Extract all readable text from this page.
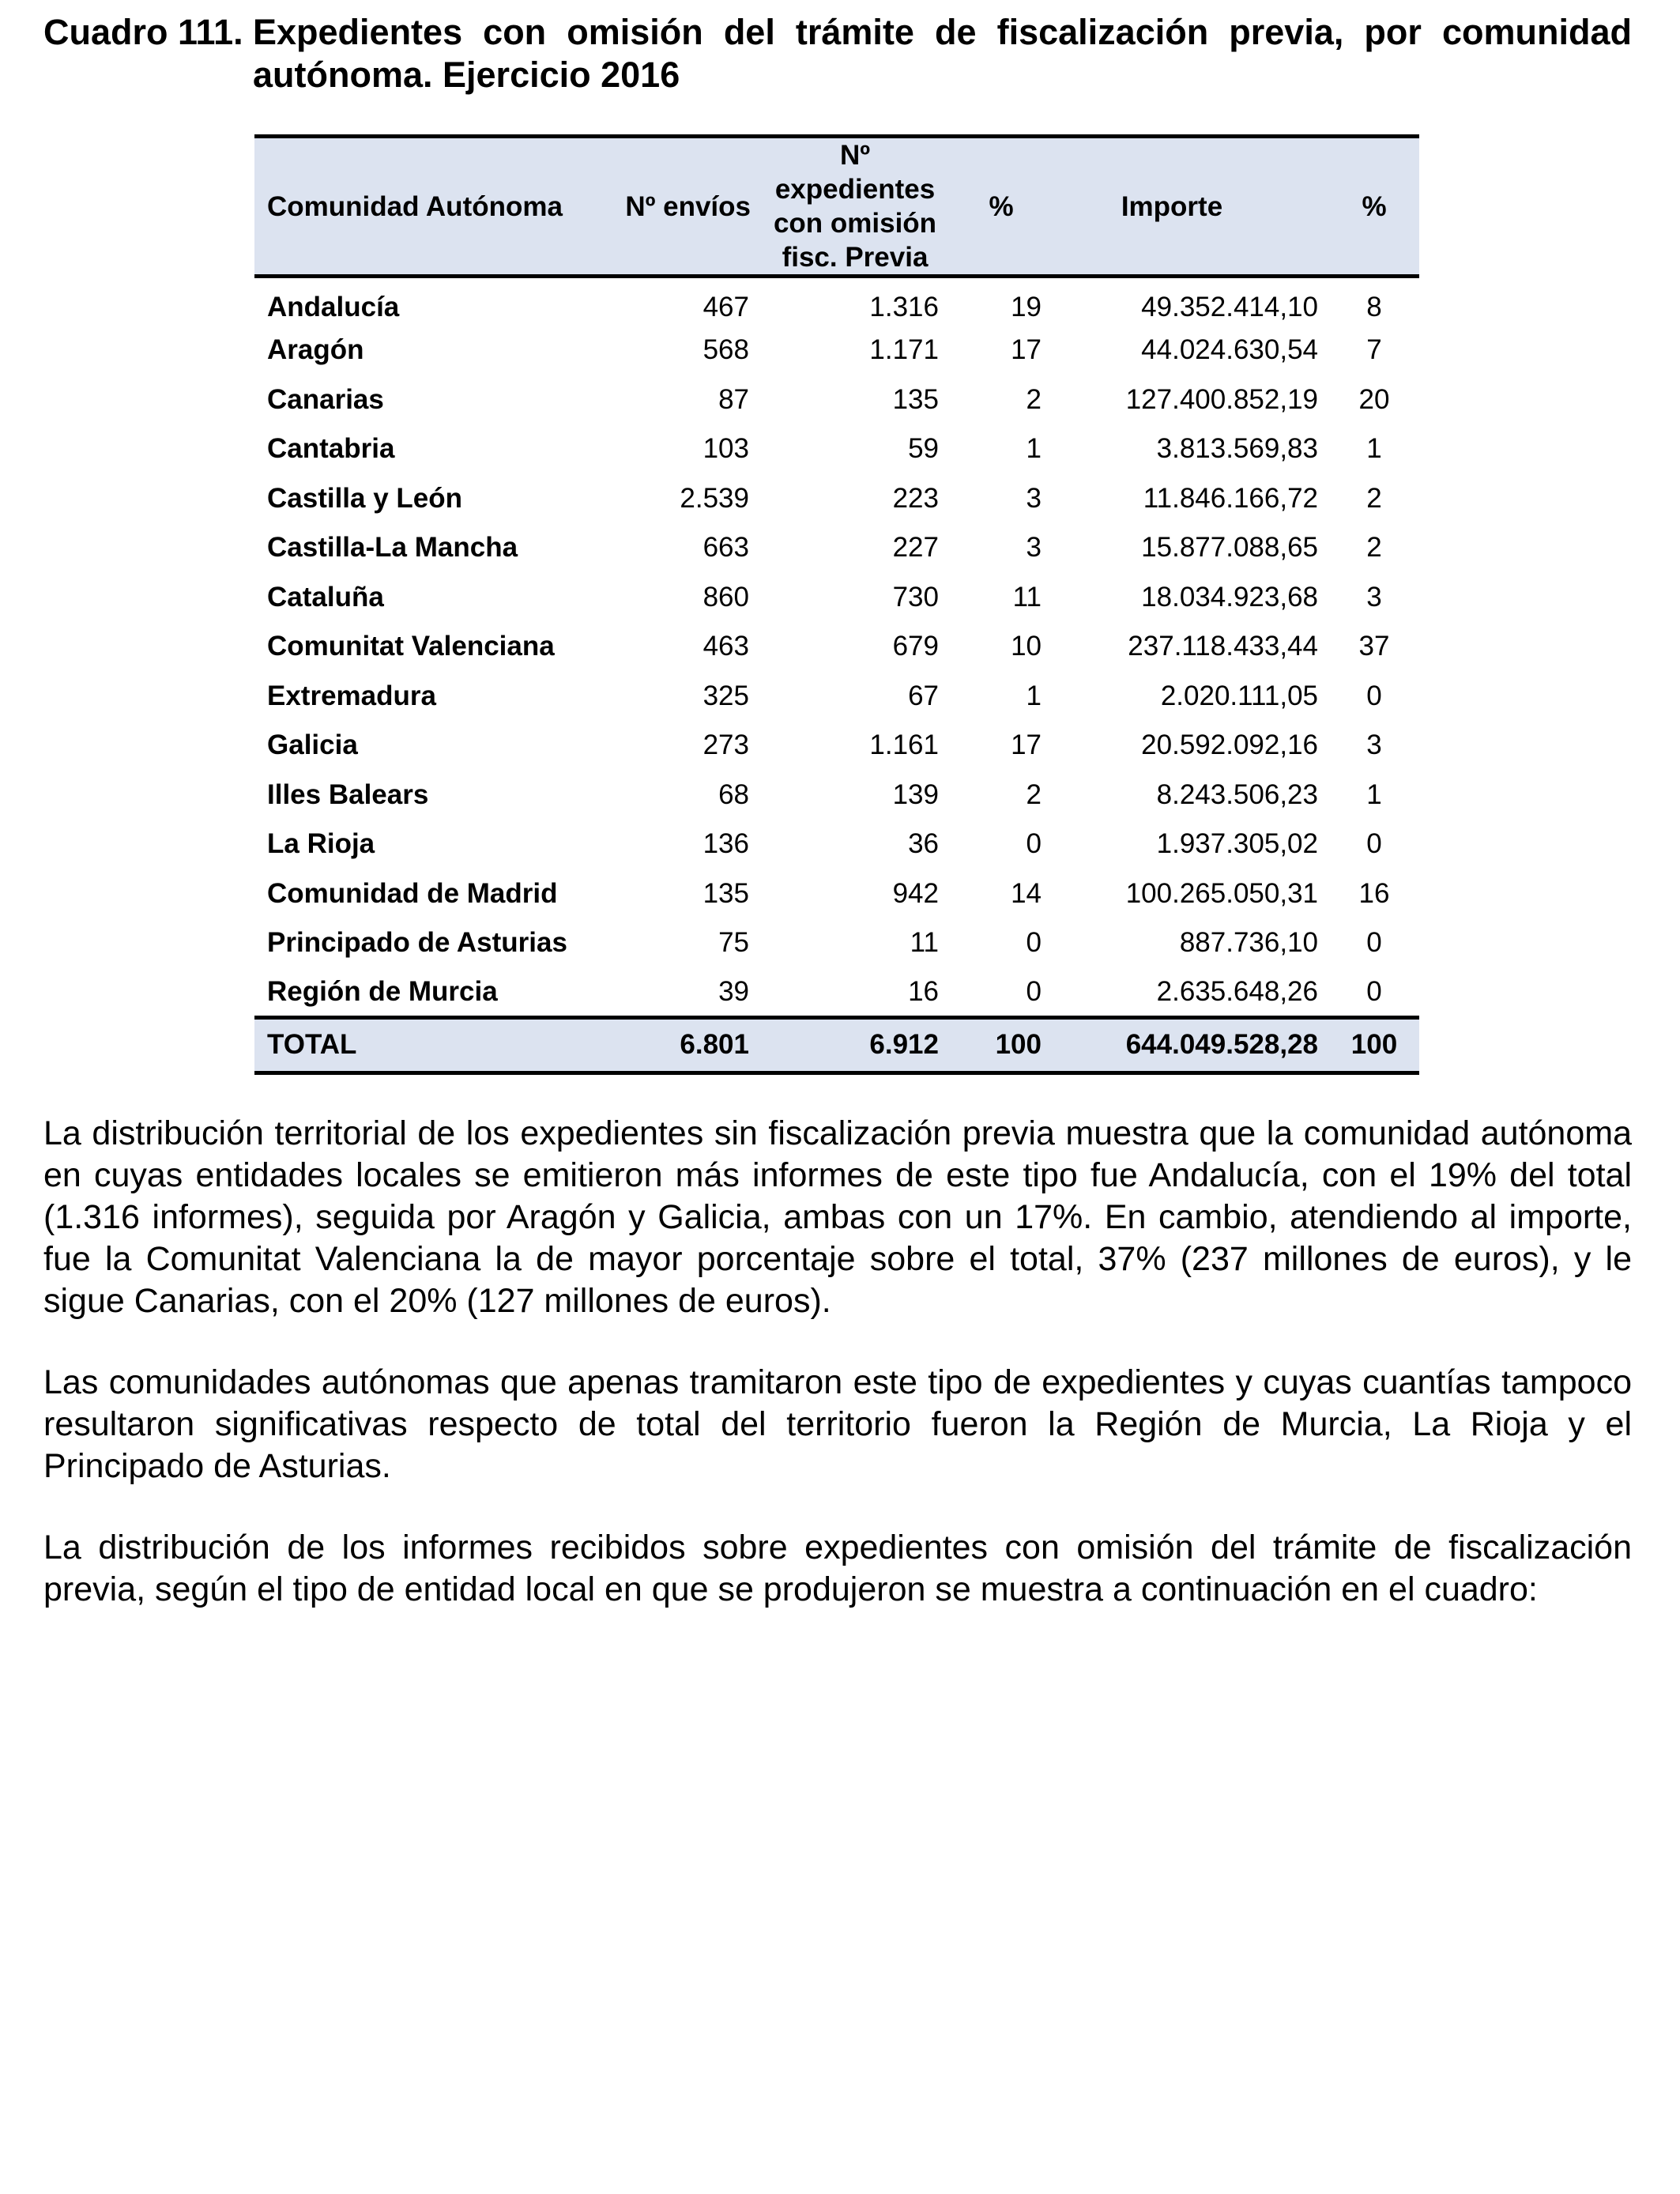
Cuadro 111. Expedientes con omisión del trámite de fiscalización previa, por comunidad autónoma. Ejercicio 2016
Comunidad Autónoma	Nº envíos	Nº expedientes
con omisión
fisc. Previa	%	Importe	%
Andalucía	467	1.316	19	49.352.414,10	8
Aragón	568	1.171	17	44.024.630,54	7
Canarias	87	135	2	127.400.852,19	20
Cantabria	103	59	1	3.813.569,83	1
Castilla y León	2.539	223	3	11.846.166,72	2
Castilla-La Mancha	663	227	3	15.877.088,65	2
Cataluña	860	730	11	18.034.923,68	3
Comunitat Valenciana	463	679	10	237.118.433,44	37
Extremadura	325	67	1	2.020.111,05	0
Galicia	273	1.161	17	20.592.092,16	3
Illes Balears	68	139	2	8.243.506,23	1
La Rioja	136	36	0	1.937.305,02	0
Comunidad de Madrid	135	942	14	100.265.050,31	16
Principado de Asturias	75	11	0	887.736,10	0
Región de Murcia	39	16	0	2.635.648,26	0
TOTAL	6.801	6.912	100	644.049.528,28	100

La distribución territorial de los expedientes sin fiscalización previa muestra que la comunidad autónoma en cuyas entidades locales se emitieron más informes de este tipo fue Andalucía, con el 19% del total (1.316 informes), seguida por Aragón y Galicia, ambas con un 17%. En cambio, atendiendo al importe, fue la Comunitat Valenciana la de mayor porcentaje sobre el total, 37% (237 millones de euros), y le sigue Canarias, con el 20% (127 millones de euros).

Las comunidades autónomas que apenas tramitaron este tipo de expedientes y cuyas cuantías tampoco resultaron significativas respecto de total del territorio fueron la Región de Murcia, La Rioja y el Principado de Asturias.

La distribución de los informes recibidos sobre expedientes con omisión del trámite de fiscalización previa, según el tipo de entidad local en que se produjeron se muestra a continuación en el cuadro:
